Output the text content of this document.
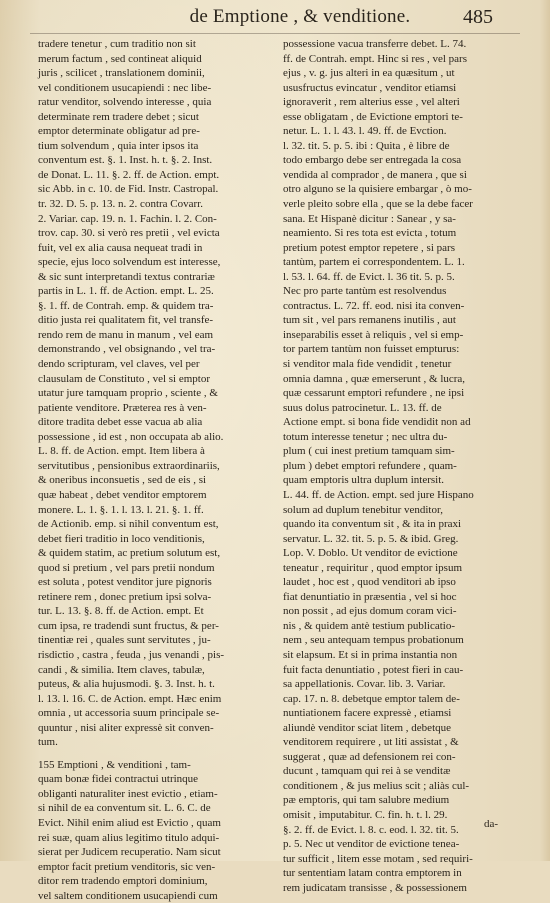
de Emptione , & venditione.	485
tradere tenetur , cum traditio non sit
merum factum , sed contineat aliquid
juris , scilicet , translationem dominii,
vel conditionem usucapiendi : nec libe-
ratur venditor, solvendo interesse , quia
determinate rem tradere debet ; sicut
emptor determinate obligatur ad pre-
tium solvendum , quia inter ipsos ita
conventum est. §. 1. Inst. h. t. §. 2. Inst.
de Donat. L. 11. §. 2. ff. de Action. empt.
sic Abb. in c. 10. de Fid. Instr. Castropal.
tr. 32. D. 5. p. 13. n. 2. contra Covarr.
2. Variar. cap. 19. n. 1. Fachin. l. 2. Con-
trov. cap. 30. si verò res pretii , vel evicta
fuit, vel ex alia causa nequeat tradi in
specie, ejus loco solvendum est interesse,
& sic sunt interpretandi textus contrariæ
partis in L. 1. ff. de Action. empt. L. 25.
§. 1. ff. de Contrah. emp. & quidem tra-
ditio justa rei qualitatem fit, vel transfe-
rendo rem de manu in manum , vel eam
demonstrando , vel obsignando , vel tra-
dendo scripturam, vel claves, vel per
clausulam de Constituto , vel si emptor
utatur jure tamquam proprio , sciente , &
patiente venditore. Præterea res à ven-
ditore tradita debet esse vacua ab alia
possessione , id est , non occupata ab alio.
L. 8. ff. de Action. empt. Item libera à
servitutibus , pensionibus extraordinariis,
& oneribus inconsuetis , sed de eis , si
quæ habeat , debet venditor emptorem
monere. L. 1. §. 1. l. 13. l. 21. §. 1. ff.
de Actionib. emp. si nihil conventum est,
debet fieri traditio in loco venditionis,
& quidem statim, ac pretium solutum est,
quod si pretium , vel pars pretii nondum
est soluta , potest venditor jure pignoris
retinere rem , donec pretium ipsi solva-
tur. L. 13. §. 8. ff. de Action. empt. Et
cum ipsa, re tradendi sunt fructus, & per-
tinentiæ rei , quales sunt servitutes , ju-
risdictio , castra , feuda , jus venandi , pis-
candi , & similia. Item claves, tabulæ,
puteus, & alia hujusmodi. §. 3. Inst. h. t.
l. 13. l. 16. C. de Action. empt. Hæc enim
omnia , ut accessoria suum principale se-
quuntur , nisi aliter expressè sit conven-
tum.
155 Emptioni , & venditioni , tam-
quam bonæ fidei contractui utrinque
obliganti naturaliter inest evictio , etiam-
si nihil de ea conventum sit. L. 6. C. de
Evict. Nihil enim aliud est Evictio , quam
rei suæ, quam alius legitimo titulo adqui-
sierat per Judicem recuperatio. Nam sicut
emptor facit pretium venditoris, sic ven-
ditor rem tradendo emptori dominium,
vel saltem conditionem usucapiendi cum
possessione vacua transferre debet. L. 74.
ff. de Contrah. empt. Hinc si res , vel pars
ejus , v. g. jus alteri in ea quæsitum , ut
ususfructus evincatur , venditor etiamsi
ignoraverit , rem alterius esse , vel alteri
esse obligatam , de Evictione emptori te-
netur. L. 1. l. 43. l. 49. ff. de Evction.
l. 32. tit. 5. p. 5. ibi : Quita , è libre de
todo embargo debe ser entregada la cosa
vendida al comprador , de manera , que si
otro alguno se la quisiere embargar , ò mo-
verle pleito sobre ella , que se la debe facer
sana. Et Hispanè dicitur : Sanear , y sa-
neamiento. Si res tota est evicta , totum
pretium potest emptor repetere , si pars
tantùm, partem ei correspondentem. L. 1.
l. 53. l. 64. ff. de Evict. l. 36 tit. 5. p. 5.
Nec pro parte tantùm est resolvendus
contractus. L. 72. ff. eod. nisi ita conven-
tum sit , vel pars remanens inutilis , aut
inseparabilis esset à reliquis , vel si emp-
tor partem tantùm non fuisset empturus:
si venditor mala fide vendidit , tenetur
omnia damna , quæ emerserunt , & lucra,
quæ cessarunt emptori refundere , ne ipsi
suus dolus patrocinetur. L. 13. ff. de
Actione empt. si bona fide vendidit non ad
totum interesse tenetur ; nec ultra du-
plum ( cui inest pretium tamquam sim-
plum ) debet emptori refundere , quam-
quam emptoris ultra duplum intersit.
L. 44. ff. de Action. empt. sed jure Hispano
solum ad duplum tenebitur venditor,
quando ita conventum sit , & ita in praxi
servatur. L. 32. tit. 5. p. 5. & ibid. Greg.
Lop. V. Doblo. Ut venditor de evictione
teneatur , requiritur , quod emptor ipsum
laudet , hoc est , quod venditori ab ipso
fiat denuntiatio in præsentia , vel si hoc
non possit , ad ejus domum coram vici-
nis , & quidem antè testium publicatio-
nem , seu antequam tempus probationum
sit elapsum. Et si in prima instantia non
fuit facta denuntiatio , potest fieri in cau-
sa appellationis. Covar. lib. 3. Variar.
cap. 17. n. 8. debetque emptor talem de-
nuntiationem facere expressè , etiamsi
aliundè venditor sciat litem , debetque
venditorem requirere , ut liti assistat , &
suggerat , quæ ad defensionem rei con-
ducunt , tamquam qui rei à se venditæ
conditionem , & jus melius scit ; aliàs cul-
pæ emptoris, qui tam salubre medium
omisit , imputabitur. C. fin. h. t. l. 29.
§. 2. ff. de Evict. l. 8. c. eod. l. 32. tit. 5.
p. 5. Nec ut venditor de evictione tenea-
tur sufficit , litem esse motam , sed requiri-
tur sententiam latam contra emptorem in
rem judicatam transisse , & possessionem
da-
